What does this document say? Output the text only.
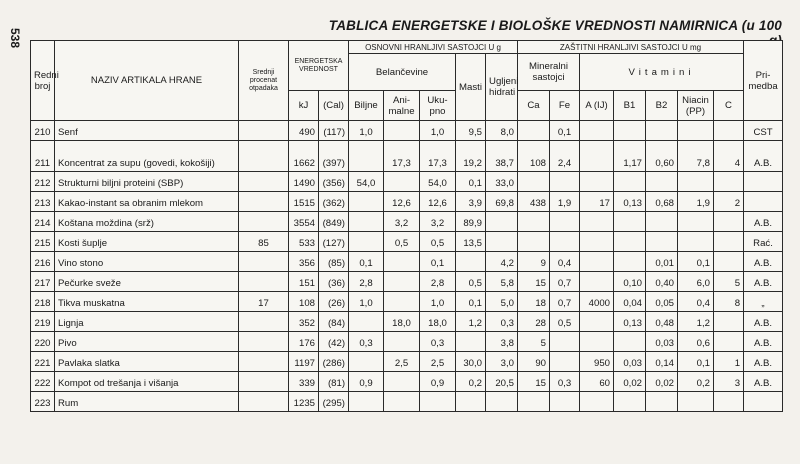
538
TABLICA ENERGETSKE I BIOLOŠKE VREDNOSTI NAMIRNICA (u 100
Redni broj	NAZIV ARTIKALA HRANE	Srednji procenat otpadaka	ENERGETSKA VREDNOST		OSNOVNI HRANLJIVI SASTOJCI U g					ZAŠTITNI HRANLJIVI SASTOJCI U mg							Pri-medba
					Belančevine			Masti	Ugljeni hidrati	Mineralni sastojci		Vitamini					
			kJ	(Cal)	Biljne	Ani-malne	Uku-pno			Ca	Fe	A (IJ)	B1	B2	Niacin (PP)	C	
210	Senf		490	(117)	1,0		1,0	9,5	8,0		0,1						CST
211	Koncentrat za supu (govedi, kokošiji)		1662	(397)		17,3	17,3	19,2	38,7	108	2,4		1,17	0,60	7,8	4	A.B.
212	Strukturni biljni proteini (SBP)		1490	(356)	54,0		54,0	0,1	33,0								
213	Kakao-instant sa obranim mlekom		1515	(362)		12,6	12,6	3,9	69,8	438	1,9	17	0,13	0,68	1,9	2	
214	Koštana moždina (srž)		3554	(849)		3,2	3,2	89,9									A.B.
215	Kosti šuplje	85	533	(127)		0,5	0,5	13,5									Rać.
216	Vino stono		356	(85)	0,1		0,1		4,2	9	0,4			0,01	0,1		A.B.
217	Pečurke sveže		151	(36)	2,8		2,8	0,5	5,8	15	0,7		0,10	0,40	6,0	5	A.B.
218	Tikva muskatna	17	108	(26)	1,0		1,0	0,1	5,0	18	0,7	4000	0,04	0,05	0,4	8	„
219	Lignja		352	(84)		18,0	18,0	1,2	0,3	28	0,5		0,13	0,48	1,2		A.B.
220	Pivo		176	(42)	0,3		0,3		3,8	5				0,03	0,6		A.B.
221	Pavlaka slatka		1197	(286)		2,5	2,5	30,0	3,0	90		950	0,03	0,14	0,1	1	A.B.
222	Kompot od trešanja i višanja		339	(81)	0,9		0,9	0,2	20,5	15	0,3	60	0,02	0,02	0,2	3	A.B.
223	Rum		1235	(295)													
